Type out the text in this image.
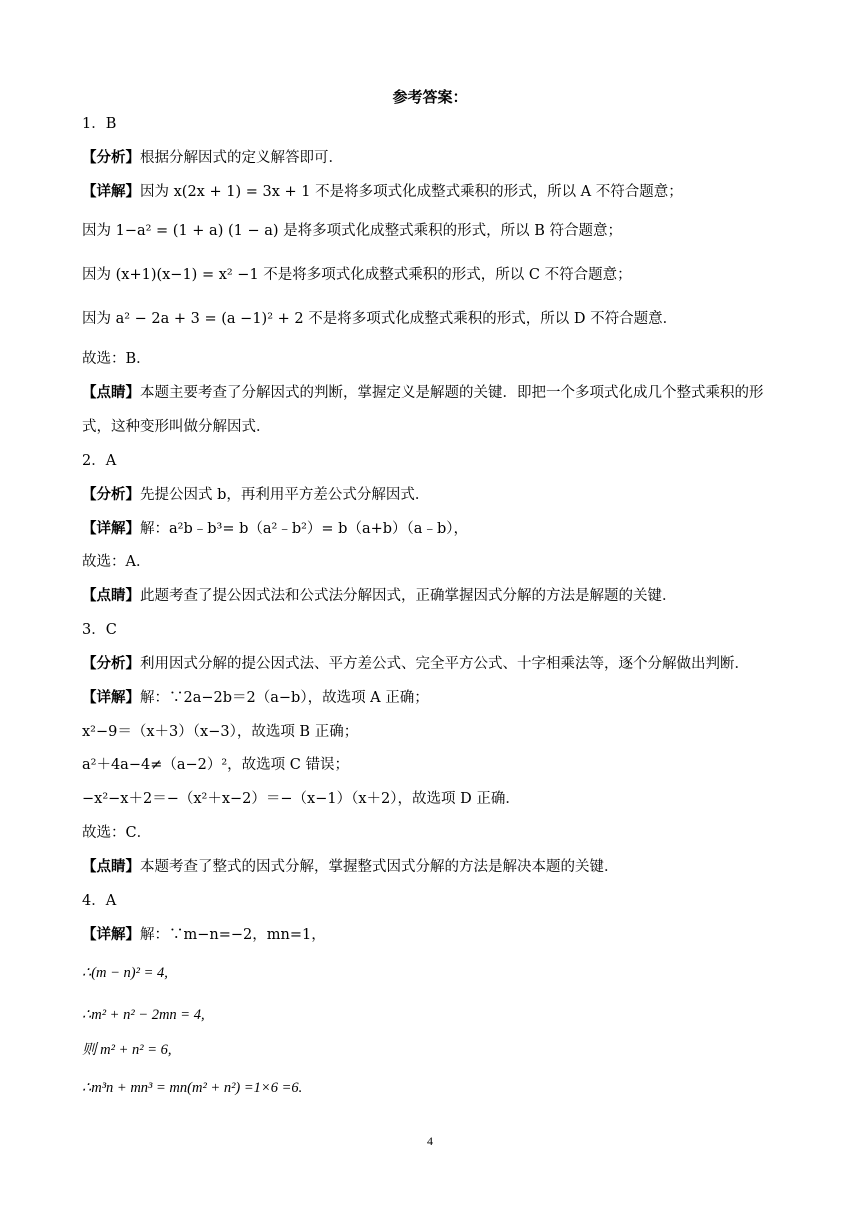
参考答案：
1．B
【分析】根据分解因式的定义解答即可．
【详解】因为 x(2x + 1) = 3x + 1 不是将多项式化成整式乘积的形式，所以 A 不符合题意；
因为 1−a² = (1 + a) (1 − a) 是将多项式化成整式乘积的形式，所以 B 符合题意；
因为 (x+1)(x−1) = x² −1 不是将多项式化成整式乘积的形式，所以 C 不符合题意；
因为 a² − 2a + 3 = (a −1)² + 2 不是将多项式化成整式乘积的形式，所以 D 不符合题意．
故选：B．
【点睛】本题主要考查了分解因式的判断，掌握定义是解题的关键．即把一个多项式化成几个整式乘积的形式，这种变形叫做分解因式．
2．A
【分析】先提公因式 b，再利用平方差公式分解因式．
【详解】解：a²b﹣b³= b（a²﹣b²）= b（a+b）（a﹣b），
故选：A．
【点睛】此题考查了提公因式法和公式法分解因式，正确掌握因式分解的方法是解题的关键．
3．C
【分析】利用因式分解的提公因式法、平方差公式、完全平方公式、十字相乘法等，逐个分解做出判断．
【详解】解：∵2a−2b＝2（a−b），故选项 A 正确；
x²−9＝（x＋3）（x−3），故选项 B 正确；
a²＋4a−4≠（a−2）²，故选项 C 错误；
−x²−x＋2＝−（x²＋x−2）＝−（x−1）（x＋2），故选项 D 正确．
故选：C．
【点睛】本题考查了整式的因式分解，掌握整式因式分解的方法是解决本题的关键．
4．A
【详解】解：∵m−n=−2，mn=1，
∴(m − n)² = 4,
∴m² + n² − 2mn = 4,
则 m² + n² = 6,
∴m³n + mn³ = mn(m² + n²) =1×6 =6.
4
